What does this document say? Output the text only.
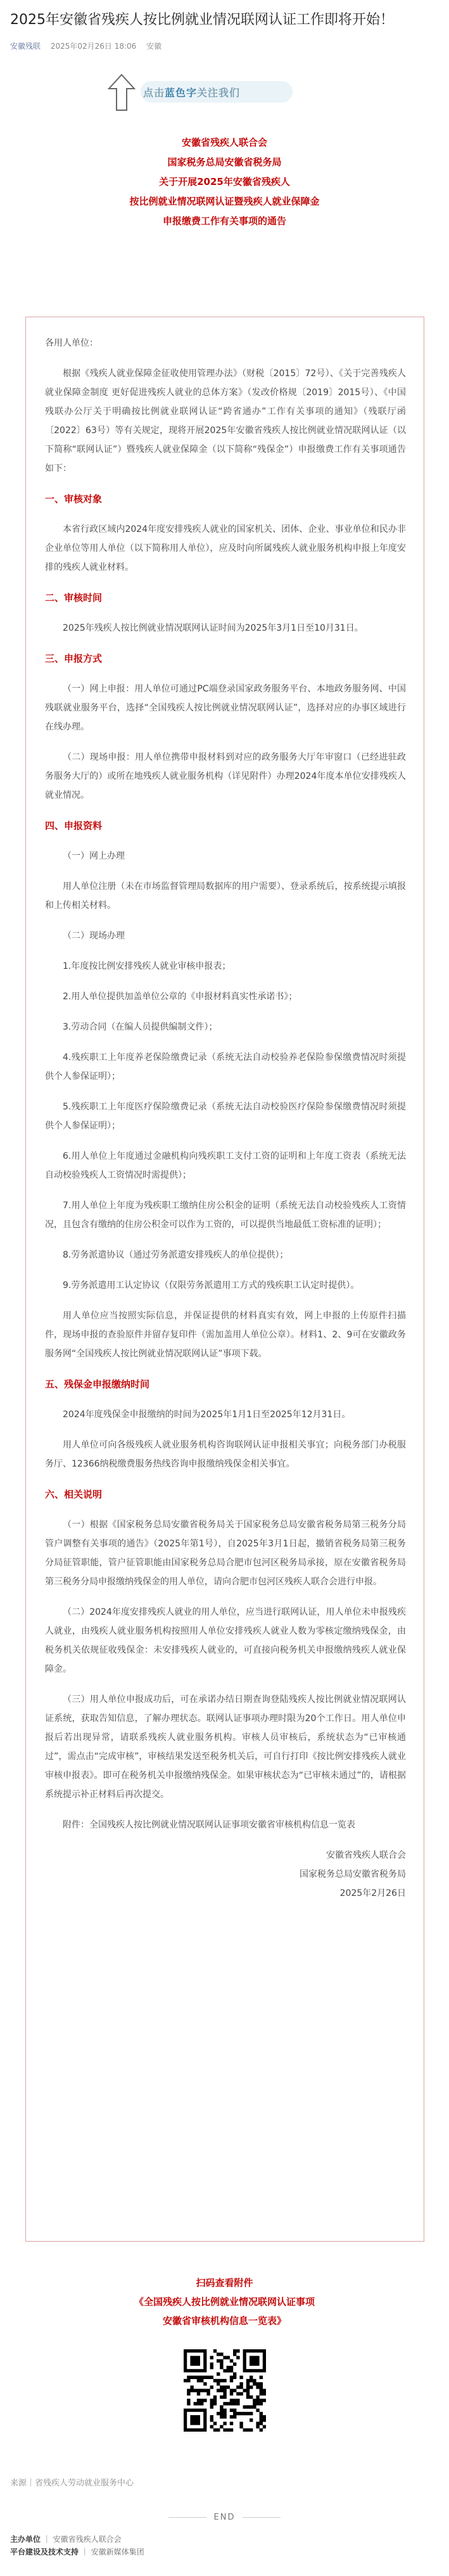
2025年安徽省残疾人按比例就业情况联网认证工作即将开始！
安徽残联 2025年02月26日 18:06 安徽
点击蓝色字关注我们

安徽省残疾人联合会

国家税务总局安徽省税务局

关于开展2025年安徽省残疾人

按比例就业情况联网认证暨残疾人就业保障金

申报缴费工作有关事项的通告

各用人单位：

根据《残疾人就业保障金征收使用管理办法》（财税〔2015〕72号）、《关于完善残疾人就业保障金制度 更好促进残疾人就业的总体方案》（发改价格规〔2019〕2015号）、《中国残联办公厅关于明确按比例就业联网认证“跨省通办”工作有关事项的通知》（残联厅函〔2022〕63号）等有关规定，现将开展2025年安徽省残疾人按比例就业情况联网认证（以下简称“联网认证”）暨残疾人就业保障金（以下简称“残保金”）申报缴费工作有关事项通告如下：

一、审核对象

本省行政区域内2024年度安排残疾人就业的国家机关、团体、企业、事业单位和民办非企业单位等用人单位（以下简称用人单位），应及时向所属残疾人就业服务机构申报上年度安排的残疾人就业材料。

二、审核时间

2025年残疾人按比例就业情况联网认证时间为2025年3月1日至10月31日。

三、申报方式

（一）网上申报：用人单位可通过PC端登录国家政务服务平台、本地政务服务网、中国残联就业服务平台，选择“全国残疾人按比例就业情况联网认证”，选择对应的办事区域进行在线办理。

（二）现场申报：用人单位携带申报材料到对应的政务服务大厅年审窗口（已经进驻政务服务大厅的）或所在地残疾人就业服务机构（详见附件）办理2024年度本单位安排残疾人就业情况。

四、申报资料

（一）网上办理

用人单位注册（未在市场监督管理局数据库的用户需要）、登录系统后，按系统提示填报和上传相关材料。

（二）现场办理

1.年度按比例安排残疾人就业审核申报表；

2.用人单位提供加盖单位公章的《申报材料真实性承诺书》；

3.劳动合同（在编人员提供编制文件）；

4.残疾职工上年度养老保险缴费记录（系统无法自动校验养老保险参保缴费情况时须提供个人参保证明）；

5.残疾职工上年度医疗保险缴费记录（系统无法自动校验医疗保险参保缴费情况时须提供个人参保证明）；

6.用人单位上年度通过金融机构向残疾职工支付工资的证明和上年度工资表（系统无法自动校验残疾人工资情况时需提供）；

7.用人单位上年度为残疾职工缴纳住房公积金的证明（系统无法自动校验残疾人工资情况，且包含有缴纳的住房公积金可以作为工资的，可以提供当地最低工资标准的证明）；

8.劳务派遣协议（通过劳务派遣安排残疾人的单位提供）；

9.劳务派遣用工认定协议（仅限劳务派遣用工方式的残疾职工认定时提供）。

用人单位应当按照实际信息，并保证提供的材料真实有效，网上申报的上传原件扫描件，现场申报的查验原件并留存复印件（需加盖用人单位公章）。材料1、2、9可在安徽政务服务网“全国残疾人按比例就业情况联网认证”事项下载。

五、残保金申报缴纳时间

2024年度残保金申报缴纳的时间为2025年1月1日至2025年12月31日。

用人单位可向各级残疾人就业服务机构咨询联网认证申报相关事宜；向税务部门办税服务厅、12366纳税缴费服务热线咨询申报缴纳残保金相关事宜。

六、相关说明

（一）根据《国家税务总局安徽省税务局关于国家税务总局安徽省税务局第三税务分局管户调整有关事项的通告》（2025年第1号），自2025年3月1日起，撤销省税务局第三税务分局征管职能，管户征管职能由国家税务总局合肥市包河区税务局承接，原在安徽省税务局第三税务分局申报缴纳残保金的用人单位，请向合肥市包河区残疾人联合会进行申报。

（二）2024年度安排残疾人就业的用人单位，应当进行联网认证，用人单位未申报残疾人就业，由残疾人就业服务机构按照用人单位安排残疾人就业人数为零核定缴纳残保金，由税务机关依规征收残保金：未安排残疾人就业的，可直接向税务机关申报缴纳残疾人就业保障金。

（三）用人单位申报成功后，可在承诺办结日期查询登陆残疾人按比例就业情况联网认证系统，获取告知信息，了解办理状态。联网认证事项办理时限为20个工作日。用人单位申报后若出现异常，请联系残疾人就业服务机构。审核人员审核后，系统状态为“已审核通过”，需点击“完成审核”，审核结果发送至税务机关后，可自行打印《按比例安排残疾人就业审核申报表》。即可在税务机关申报缴纳残保金。如果审核状态为“已审核未通过”的，请根据系统提示补正材料后再次提交。

附件：全国残疾人按比例就业情况联网认证事项安徽省审核机构信息一览表

安徽省残疾人联合会

国家税务总局安徽省税务局

2025年2月26日

扫码查看附件

《全国残疾人按比例就业情况联网认证事项

安徽省审核机构信息一览表》

来源｜省残疾人劳动就业服务中心
END
主办单位 ｜ 安徽省残疾人联合会
平台建设及技术支持 ｜ 安徽新媒体集团
